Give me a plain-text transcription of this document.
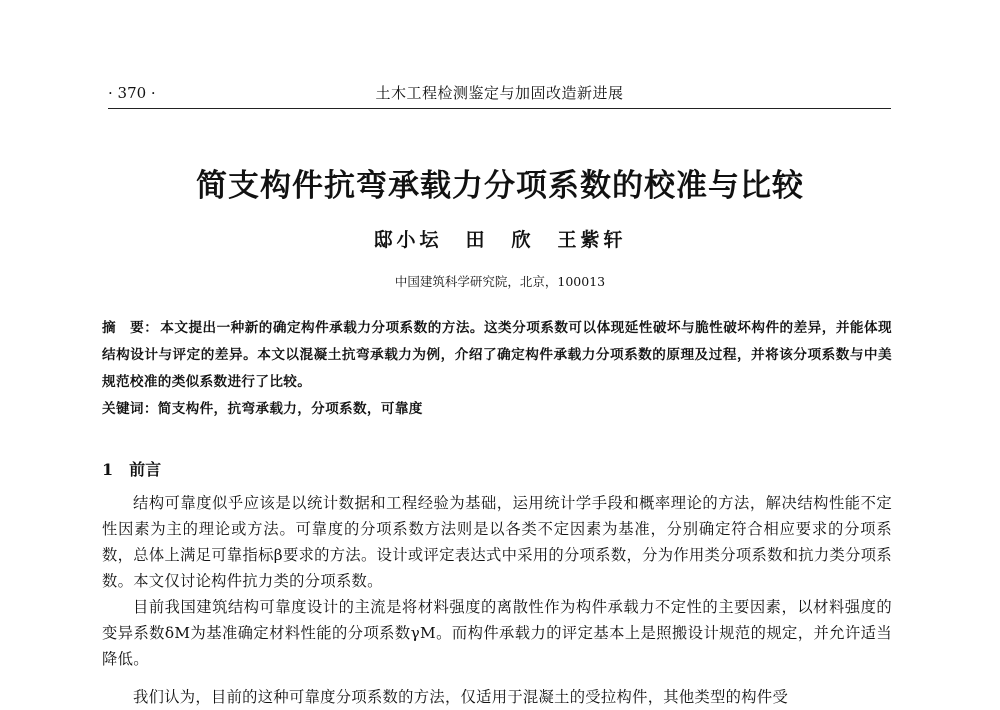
· 370 ·	土木工程检测鉴定与加固改造新进展
简支构件抗弯承载力分项系数的校准与比较
邸小坛　田　欣　王紫轩
中国建筑科学研究院，北京，100013
摘　要： 本文提出一种新的确定构件承载力分项系数的方法。这类分项系数可以体现延性破坏与脆性破坏构件的差异，并能体现结构设计与评定的差异。本文以混凝土抗弯承载力为例，介绍了确定构件承载力分项系数的原理及过程，并将该分项系数与中美规范校准的类似系数进行了比较。
关键词：简支构件，抗弯承载力，分项系数，可靠度
1 前言

结构可靠度似乎应该是以统计数据和工程经验为基础，运用统计学手段和概率理论的方法，解决结构性能不定性因素为主的理论或方法。可靠度的分项系数方法则是以各类不定因素为基准，分别确定符合相应要求的分项系数，总体上满足可靠指标β要求的方法。设计或评定表达式中采用的分项系数，分为作用类分项系数和抗力类分项系数。本文仅讨论构件抗力类的分项系数。

目前我国建筑结构可靠度设计的主流是将材料强度的离散性作为构件承载力不定性的主要因素，以材料强度的变异系数δM为基准确定材料性能的分项系数γM。而构件承载力的评定基本上是照搬设计规范的规定，并允许适当降低。

我们认为，目前的这种可靠度分项系数的方法，仅适用于混凝土的受拉构件，其他类型的构件受
